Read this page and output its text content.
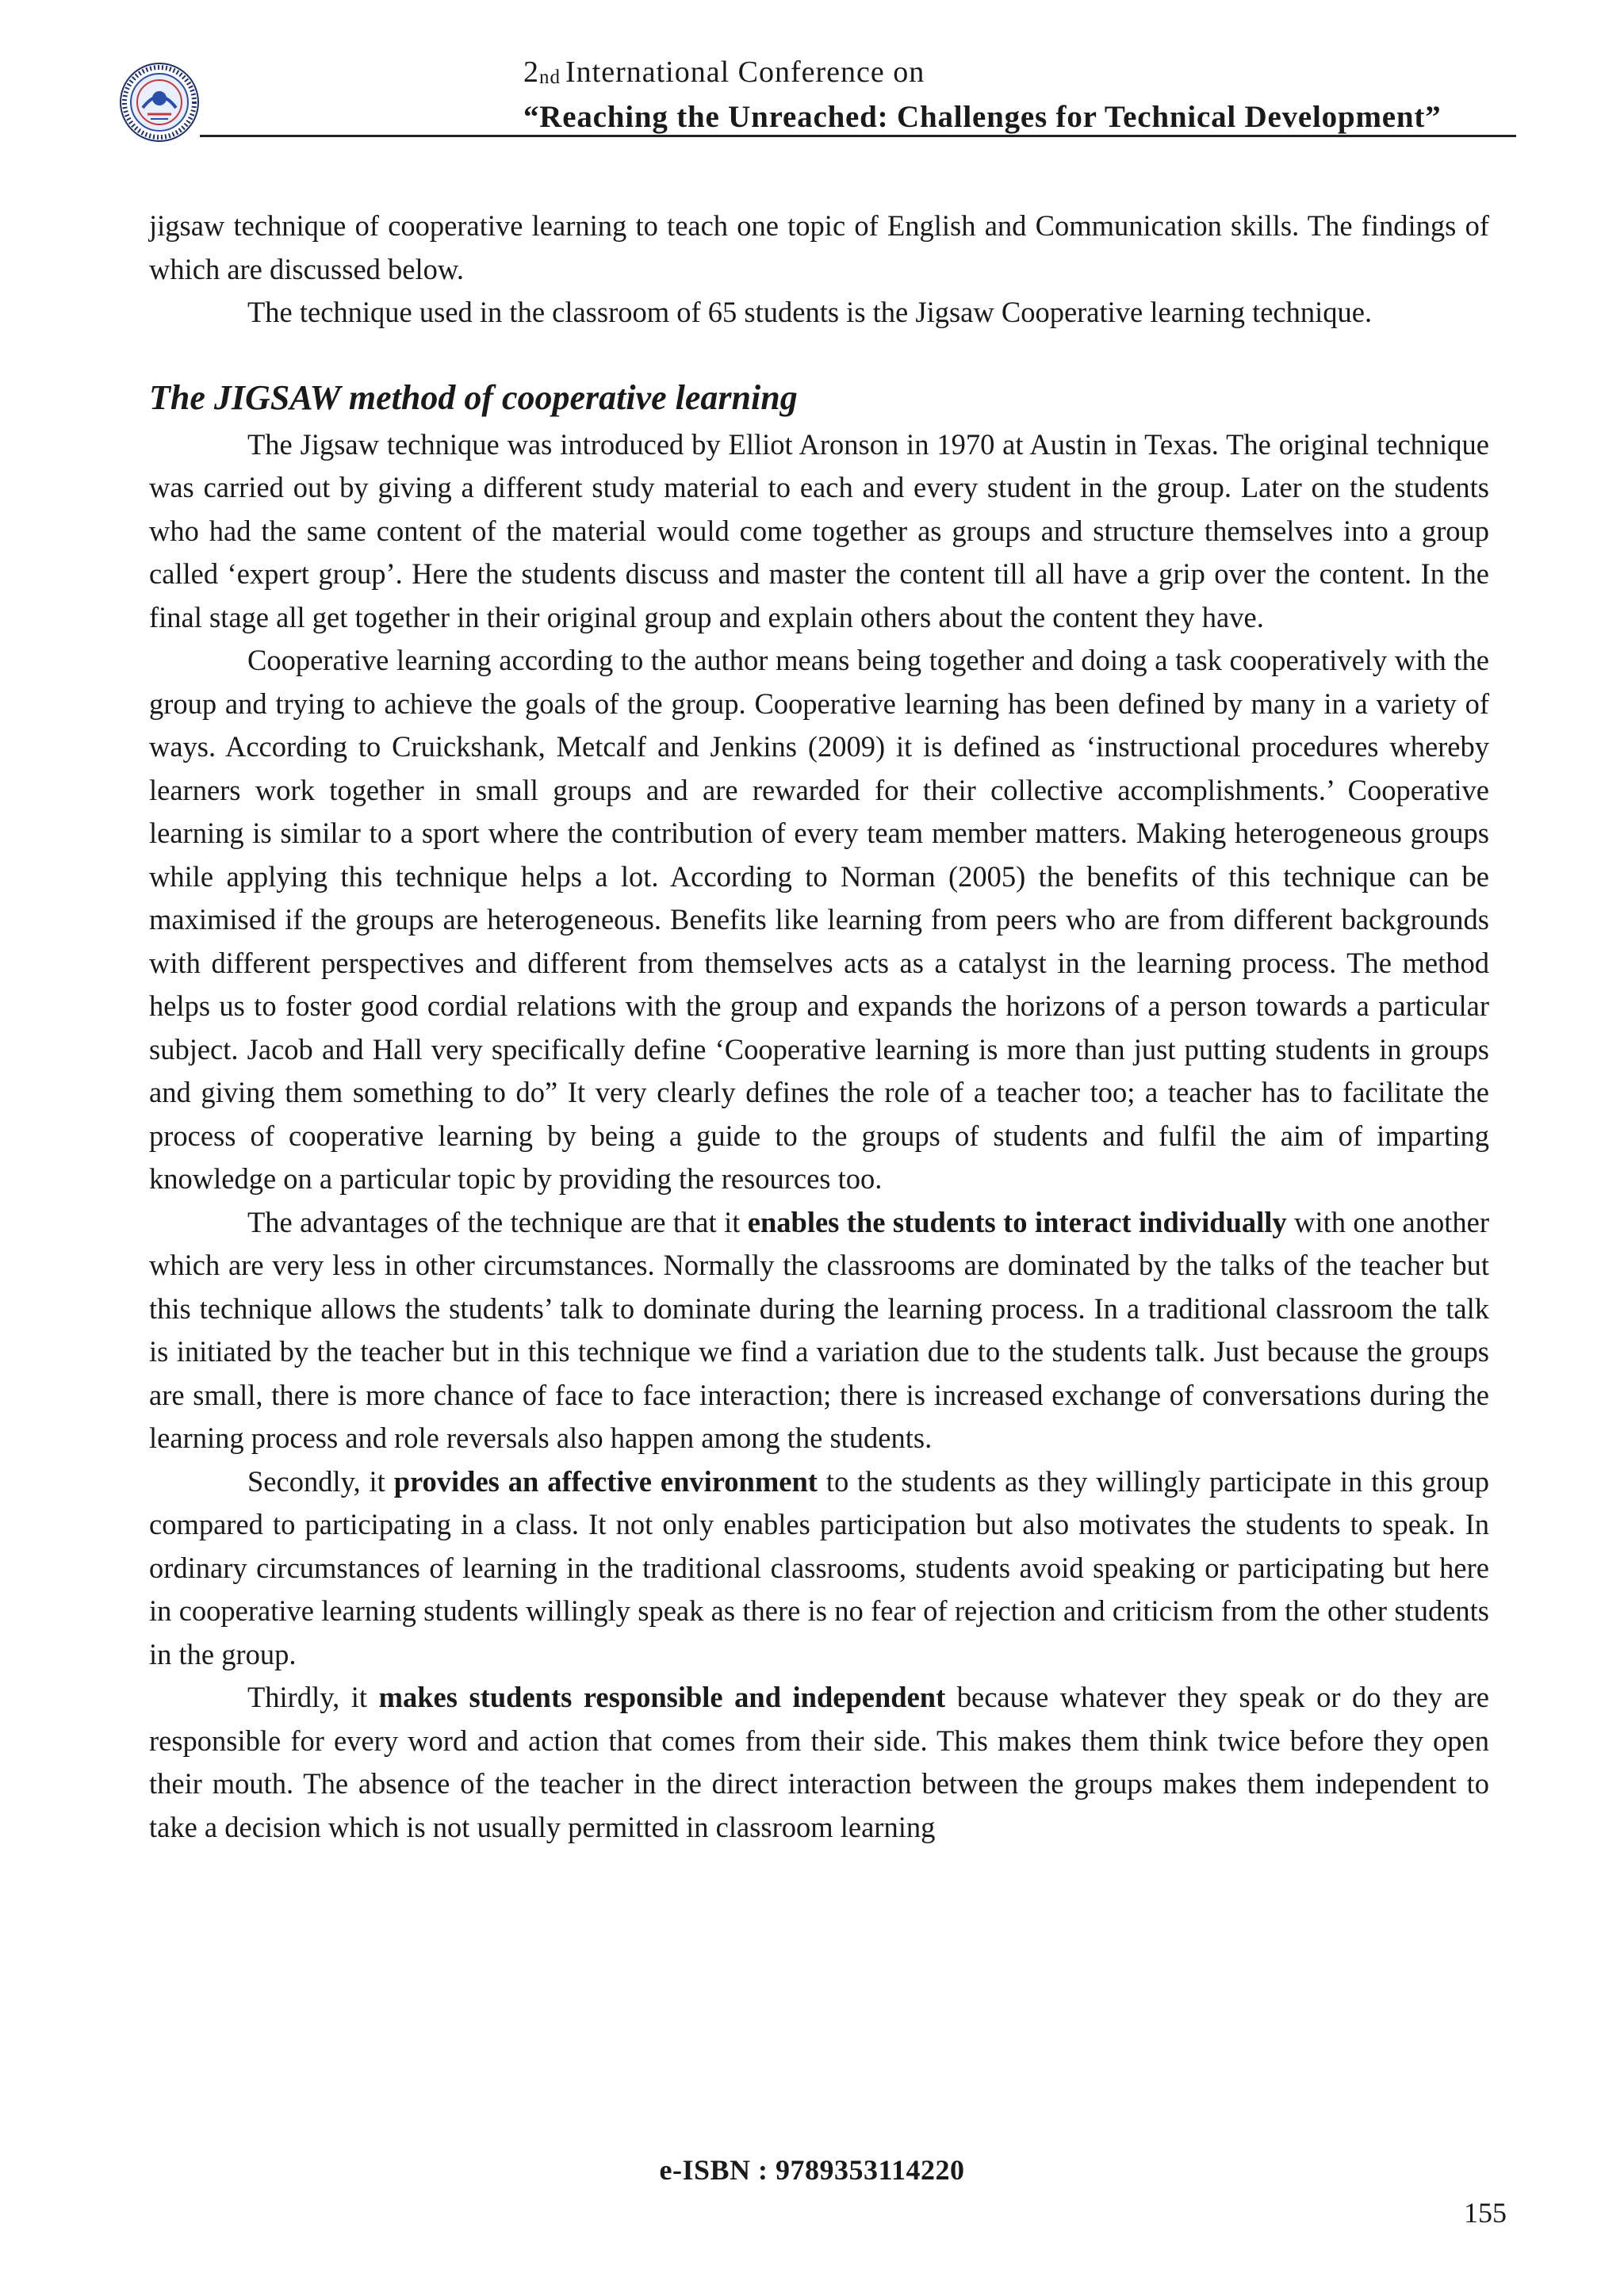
2nd International Conference on
“Reaching the Unreached: Challenges for Technical Development”

jigsaw technique of cooperative learning to teach one topic of English and Communication skills. The findings of which are discussed below.

The technique used in the classroom of 65 students is the Jigsaw Cooperative learning technique.

The JIGSAW method of cooperative learning

The Jigsaw technique was introduced by Elliot Aronson in 1970 at Austin in Texas. The original technique was carried out by giving a different study material to each and every student in the group. Later on the students who had the same content of the material would come together as groups and structure themselves into a group called ‘expert group’. Here the students discuss and master the content till all have a grip over the content. In the final stage all get together in their original group and explain others about the content they have.

Cooperative learning according to the author means being together and doing a task cooperatively with the group and trying to achieve the goals of the group. Cooperative learning has been defined by many in a variety of ways. According to Cruickshank, Metcalf and Jenkins (2009) it is defined as ‘instructional procedures whereby learners work together in small groups and are rewarded for their collective accomplishments.’ Cooperative learning is similar to a sport where the contribution of every team member matters. Making heterogeneous groups while applying this technique helps a lot. According to Norman (2005) the benefits of this technique can be maximised if the groups are heterogeneous. Benefits like learning from peers who are from different backgrounds with different perspectives and different from themselves acts as a catalyst in the learning process. The method helps us to foster good cordial relations with the group and expands the horizons of a person towards a particular subject. Jacob and Hall very specifically define ‘Cooperative learning is more than just putting students in groups and giving them something to do” It very clearly defines the role of a teacher too; a teacher has to facilitate the process of cooperative learning by being a guide to the groups of students and fulfil the aim of imparting knowledge on a particular topic by providing the resources too.

The advantages of the technique are that it enables the students to interact individually with one another which are very less in other circumstances. Normally the classrooms are dominated by the talks of the teacher but this technique allows the students’ talk to dominate during the learning process. In a traditional classroom the talk is initiated by the teacher but in this technique we find a variation due to the students talk. Just because the groups are small, there is more chance of face to face interaction; there is increased exchange of conversations during the learning process and role reversals also happen among the students.

Secondly, it provides an affective environment to the students as they willingly participate in this group compared to participating in a class. It not only enables participation but also motivates the students to speak. In ordinary circumstances of learning in the traditional classrooms, students avoid speaking or participating but here in cooperative learning students willingly speak as there is no fear of rejection and criticism from the other students in the group.

Thirdly, it makes students responsible and independent because whatever they speak or do they are responsible for every word and action that comes from their side. This makes them think twice before they open their mouth. The absence of the teacher in the direct interaction between the groups makes them independent to take a decision which is not usually permitted in classroom learning

e-ISBN : 9789353114220
155
